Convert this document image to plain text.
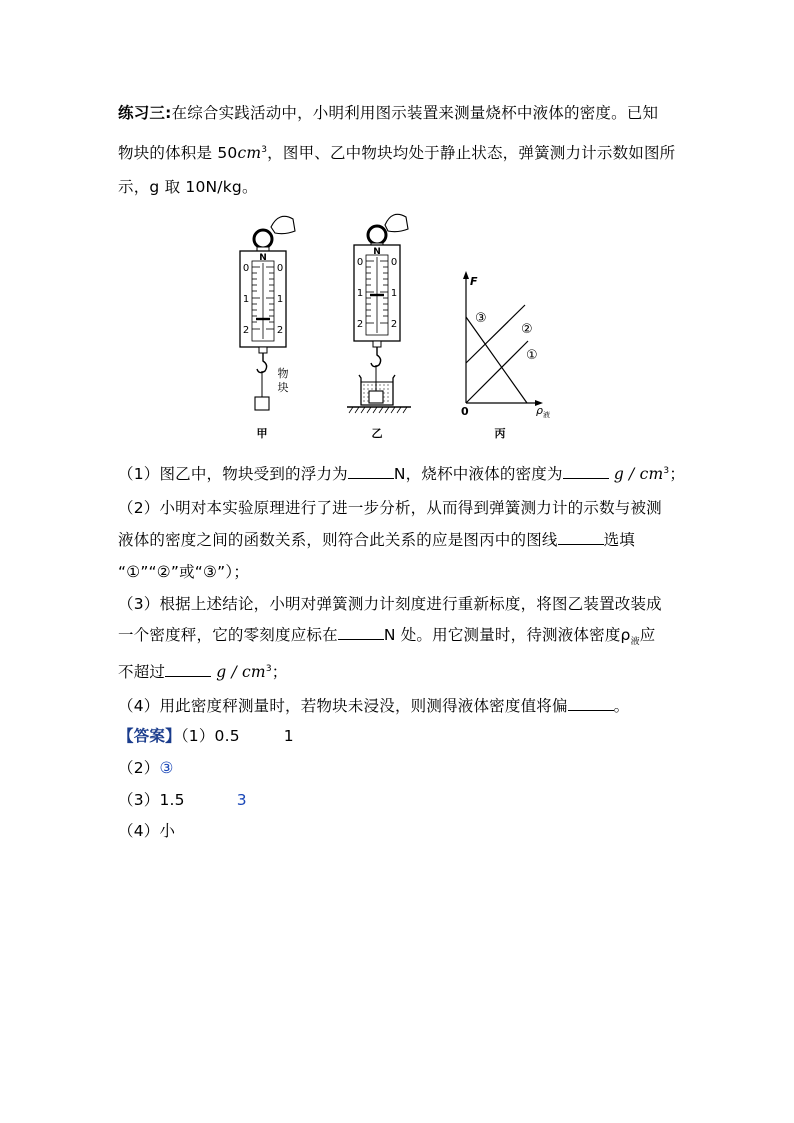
练习三:在综合实践活动中，小明利用图示装置来测量烧杯中液体的密度。已知
物块的体积是 $50cm^3$，图甲、乙中物块均处于静止状态，弹簧测力计示数如图所
示，g 取 10N/kg。
N
0	0
1	1
2	2
物
块
甲
N
0	0
1	1
2	2
乙
F
0	ρ 液
③
②
①
丙
（1）图乙中，物块受到的浮力为	N，烧杯中液体的密度为	g / $cm^3$；
（2）小明对本实验原理进行了进一步分析，从而得到弹簧测力计的示数与被测
液体的密度之间的函数关系，则符合此关系的应是图丙中的图线	选填
“①”“②”或“③”）；
（3）根据上述结论，小明对弹簧测力计刻度进行重新标度，将图乙装置改装成
一个密度秤，它的零刻度应标在	N 处。用它测量时，待测液体密度$\rho_液$应
不超过	g / $cm^3$；
（4）用此密度秤测量时，若物块未浸没，则测得液体密度值将偏	。
【答案】（1）0.5	1
（2）③
（3）1.5	3
（4）小
